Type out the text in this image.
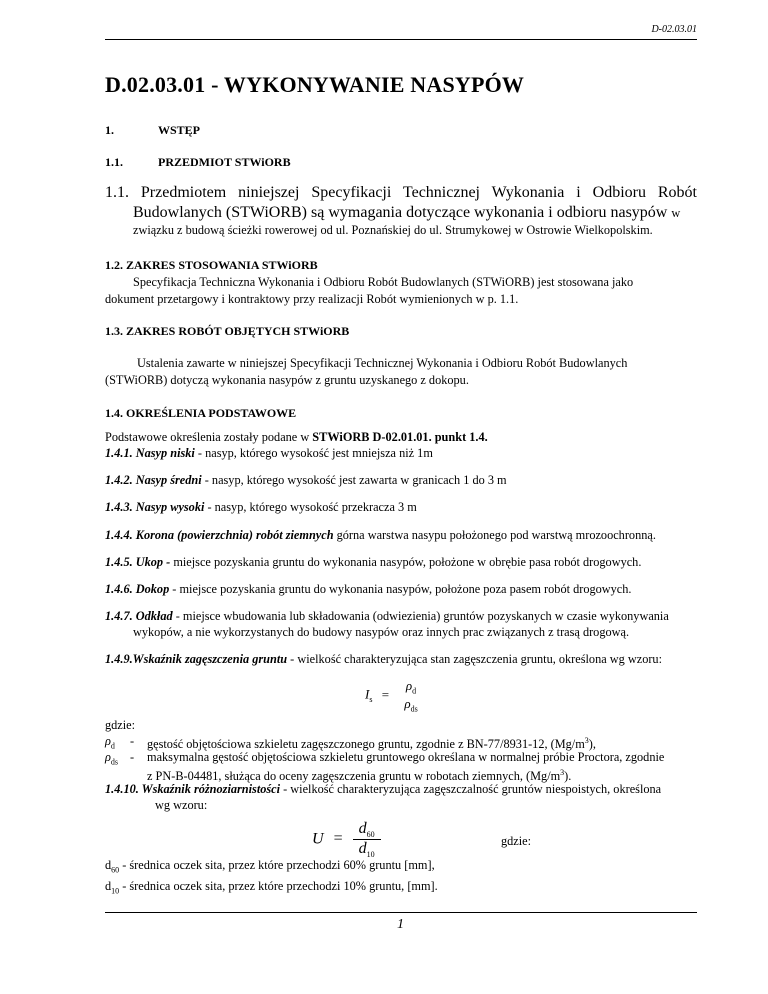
D-02.03.01
D.02.03.01 - WYKONYWANIE NASYPÓW
1.	WSTĘP
1.1.	PRZEDMIOT STWiORB
1.1. Przedmiotem niniejszej Specyfikacji Technicznej Wykonania i Odbioru Robót
Budowlanych (STWiORB) są wymagania dotyczące wykonania i odbioru nasypów w
związku z budową ścieżki rowerowej od ul. Poznańskiej do ul. Strumykowej w Ostrowie Wielkopolskim.
1.2. ZAKRES STOSOWANIA STWiORB
Specyfikacja Techniczna Wykonania i Odbioru Robót Budowlanych (STWiORB) jest stosowana jako
dokument przetargowy i kontraktowy przy realizacji Robót wymienionych w p. 1.1.
1.3. ZAKRES ROBÓT OBJĘTYCH STWiORB
Ustalenia zawarte w niniejszej Specyfikacji Technicznej Wykonania i Odbioru Robót Budowlanych
(STWiORB) dotyczą wykonania nasypów z gruntu uzyskanego z dokopu.
1.4. OKREŚLENIA PODSTAWOWE
Podstawowe określenia zostały podane w STWiORB D-02.01.01. punkt 1.4.
1.4.1. Nasyp niski - nasyp, którego wysokość jest mniejsza niż 1m
1.4.2. Nasyp średni - nasyp, którego wysokość jest zawarta w granicach 1 do 3 m
1.4.3. Nasyp wysoki - nasyp, którego wysokość przekracza 3 m
1.4.4. Korona (powierzchnia) robót ziemnych górna warstwa nasypu położonego pod warstwą mrozoochronną.
1.4.5. Ukop - miejsce pozyskania gruntu do wykonania nasypów, położone w obrębie pasa robót drogowych.
1.4.6. Dokop - miejsce pozyskania gruntu do wykonania nasypów, położone poza pasem robót drogowych.
1.4.7. Odkład - miejsce wbudowania lub składowania (odwiezienia) gruntów pozyskanych w czasie wykonywania
wykopów, a nie wykorzystanych do budowy nasypów oraz innych prac związanych z trasą drogową.
1.4.9.Wskaźnik zagęszczenia gruntu - wielkość charakteryzująca stan zagęszczenia gruntu, określona wg wzoru:
$I_s$ =
$\rho_d$
$\rho_{ds}$
gdzie:
$\rho_d$ - gęstość objętościowa szkieletu zagęszczonego gruntu, zgodnie z BN-77/8931-12, $(Mg/m^3)$,
$\rho_{ds}$ - maksymalna gęstość objętościowa szkieletu gruntowego określana w normalnej próbie Proctora, zgodnie
z PN-B-04481, służąca do oceny zagęszczenia gruntu w robotach ziemnych, $(Mg/m^3)$.
1.4.10. Wskaźnik różnoziarnistości - wielkość charakteryzująca zagęszczalność gruntów niespoistych, określona
wg wzoru:
$U = \frac{d_{60}}{d_{10}}$	gdzie:
$d_{60}$ - średnica oczek sita, przez które przechodzi 60% gruntu [mm],
$d_{10}$ - średnica oczek sita, przez które przechodzi 10% gruntu, [mm].
1
